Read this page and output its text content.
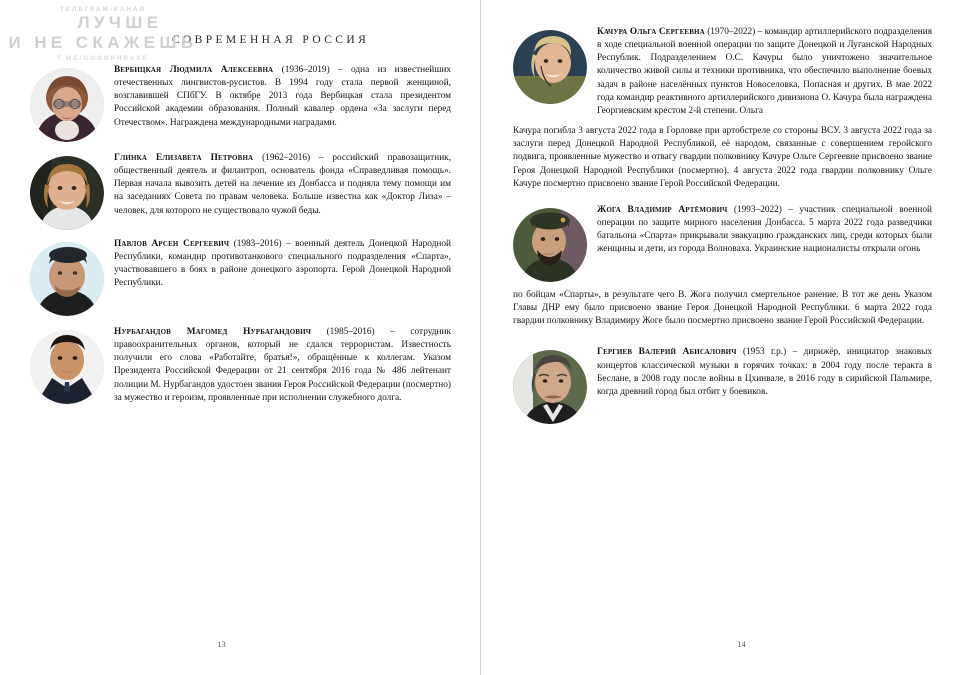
ТЕЛЕГРАМ-КАНАЛ
ЛУЧШЕ
И НЕ СКАЖЕШЬ
T.ME/GOODPHRASE
СОВРЕМЕННАЯ РОССИЯ

Вербицкая Людмила Алексеевна (1936–2019) – одна из известнейших отечественных лингвистов-русистов. В 1994 году стала первой женщиной, возглавившей СПбГУ. В октябре 2013 года Вербицкая стала президентом Российской академии образования. Полный кавалер ордена «За заслуги перед Отечеством». Награждена международными наградами.

Глинка Елизавета Петровна (1962–2016) – российский правозащитник, общественный деятель и филантроп, основатель фонда «Справедливая помощь». Первая начала вывозить детей на лечение из Донбасса и подняла тему помощи им на заседаниях Совета по правам человека. Больше известна как «Доктор Лиза» – человек, для которого не существовало чужой беды.

Павлов Арсен Сергеевич (1983–2016) – военный деятель Донецкой Народной Республики, командир противотанкового специального подразделения «Спарта», участвовавшего в боях в районе донецкого аэропорта. Герой Донецкой Народной Республики.

Нурбагандов Магомед Нурбагандович (1985–2016) – сотрудник правоохранительных органов, который не сдался террористам. Известность получили его слова «Работайте, братья!», обращённые к коллегам. Указом Президента Российской Федерации от 21 сентября 2016 года № 486 лейтенант полиции М. Нурбагандов удостоен звания Героя Российской Федерации (посмертно) за мужество и героизм, проявленные при исполнении служебного долга.

13

Качура Ольга Сергеевна (1970–2022) – командир артиллерийского подразделения в ходе специальной военной операции по защите Донецкой и Луганской Народных Республик. Подразделением О.С. Качуры было уничтожено значительное количество живой силы и техники противника, что обеспечило выполнение боевых задач в районе населённых пунктов Новоселовка, Попасная и других. В мае 2022 года командир реактивного артиллерийского дивизиона О. Качура была награждена Георгиевским крестом 2-й степени. Ольга

Качура погибла 3 августа 2022 года в Горловке при артобстреле со стороны ВСУ. 3 августа 2022 года за заслуги перед Донецкой Народной Республикой, её народом, связанные с совершением геройского подвига, проявленные мужество и отвагу гвардии полковнику Качуре Ольге Сергеевне присвоено звание Героя Донецкой Народной Республики (посмертно). 4 августа 2022 года гвардии полковнику Ольге Качуре посмертно присвоено звание Герой Российской Федерации.

Жога Владимир Артёмович (1993–2022) – участник специальной военной операции по защите мирного населения Донбасса. 5 марта 2022 года разведчики батальона «Спарта» прикрывали эвакуацию гражданских лиц, среди которых были женщины и дети, из города Волноваха. Украинские националисты открыли огонь

по бойцам «Спарты», в результате чего В. Жога получил смертельное ранение. В тот же день Указом Главы ДНР ему было присвоено звание Героя Донецкой Народной Республики. 6 марта 2022 года гвардии полковнику Владимиру Жоге было посмертно присвоено звание Герой Российской Федерации.

Гергиев Валерий Абисалович (1953 г.р.) – дирижёр, инициатор знаковых концертов классической музыки в горячих точках: в 2004 году после теракта в Беслане, в 2008 году после войны в Цхинвале, в 2016 году в сирийской Пальмире, когда древний город был отбит у боевиков.

14
